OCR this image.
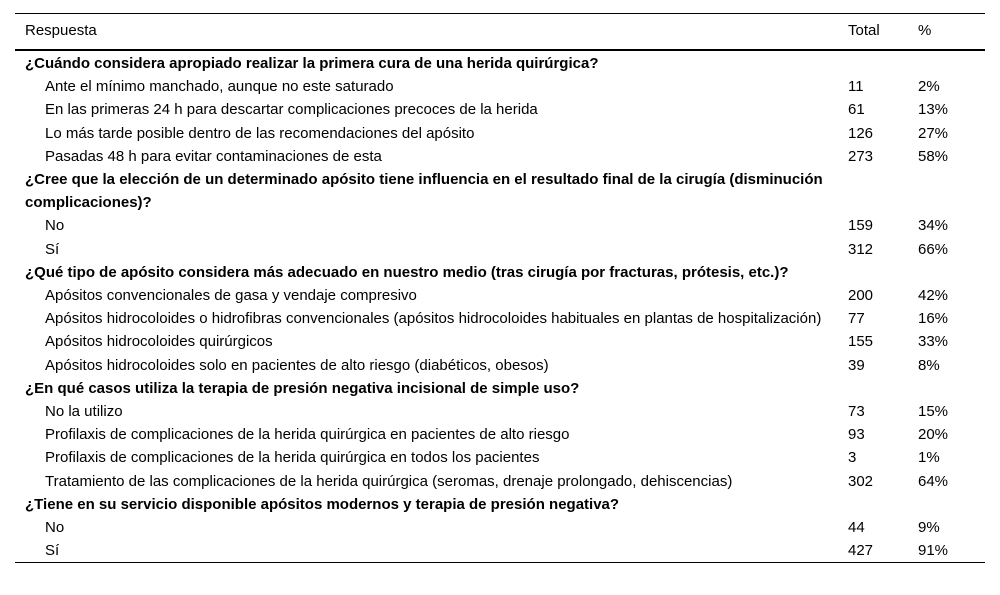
Respuesta	Total	%
¿Cuándo considera apropiado realizar la primera cura de una herida quirúrgica?		
Ante el mínimo manchado, aunque no este saturado	11	2%
En las primeras 24 h para descartar complicaciones precoces de la herida	61	13%
Lo más tarde posible dentro de las recomendaciones del apósito	126	27%
Pasadas 48 h para evitar contaminaciones de esta	273	58%
¿Cree que la elección de un determinado apósito tiene influencia en el resultado final de la cirugía (disminución complicaciones)?		
No	159	34%
Sí	312	66%
¿Qué tipo de apósito considera más adecuado en nuestro medio (tras cirugía por fracturas, prótesis, etc.)?		
Apósitos convencionales de gasa y vendaje compresivo	200	42%
Apósitos hidrocoloides o hidrofibras convencionales (apósitos hidrocoloides habituales en plantas de hospitalización)	77	16%
Apósitos hidrocoloides quirúrgicos	155	33%
Apósitos hidrocoloides solo en pacientes de alto riesgo (diabéticos, obesos)	39	8%
¿En qué casos utiliza la terapia de presión negativa incisional de simple uso?		
No la utilizo	73	15%
Profilaxis de complicaciones de la herida quirúrgica en pacientes de alto riesgo	93	20%
Profilaxis de complicaciones de la herida quirúrgica en todos los pacientes	3	1%
Tratamiento de las complicaciones de la herida quirúrgica (seromas, drenaje prolongado, dehiscencias)	302	64%
¿Tiene en su servicio disponible apósitos modernos y terapia de presión negativa?		
No	44	9%
Sí	427	91%
